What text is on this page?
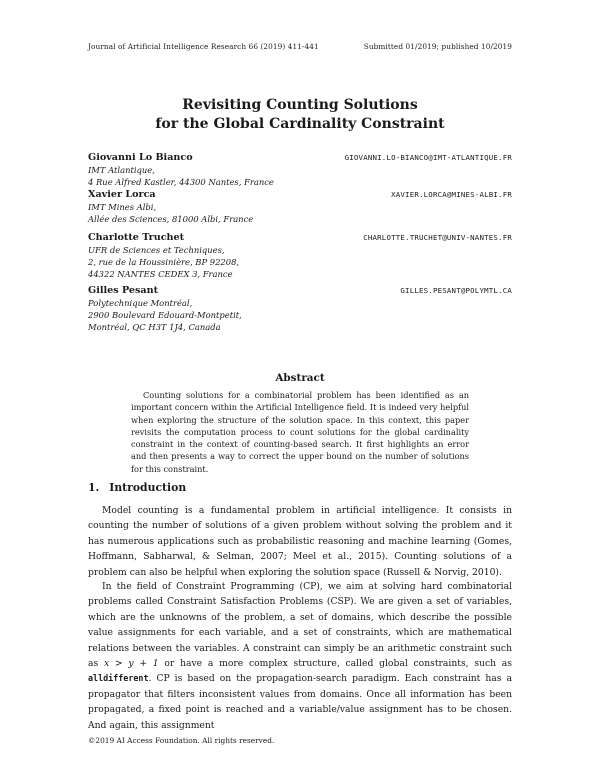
Journal of Artificial Intelligence Research 66 (2019) 411-441	Submitted 01/2019; published 10/2019
Revisiting Counting Solutions
for the Global Cardinality Constraint
Giovanni Lo Bianco	GIOVANNI.LO-BIANCO@IMT-ATLANTIQUE.FR
IMT Atlantique,
4 Rue Alfred Kastler, 44300 Nantes, France
Xavier Lorca	XAVIER.LORCA@MINES-ALBI.FR
IMT Mines Albi,
Allée des Sciences, 81000 Albi, France
Charlotte Truchet	CHARLOTTE.TRUCHET@UNIV-NANTES.FR
UFR de Sciences et Techniques,
2, rue de la Houssinière, BP 92208,
44322 NANTES CEDEX 3, France
Gilles Pesant	GILLES.PESANT@POLYMTL.CA
Polytechnique Montréal,
2900 Boulevard Edouard-Montpetit,
Montréal, QC H3T 1J4, Canada
Abstract
Counting solutions for a combinatorial problem has been identified as an important concern within the Artificial Intelligence field. It is indeed very helpful when exploring the structure of the solution space. In this context, this paper revisits the computation process to count solutions for the global cardinality constraint in the context of counting-based search. It first highlights an error and then presents a way to correct the upper bound on the number of solutions for this constraint.
1. Introduction
Model counting is a fundamental problem in artificial intelligence. It consists in counting the number of solutions of a given problem without solving the problem and it has numerous applications such as probabilistic reasoning and machine learning (Gomes, Hoffmann, Sabharwal, & Selman, 2007; Meel et al., 2015). Counting solutions of a problem can also be helpful when exploring the solution space (Russell & Norvig, 2010).
In the field of Constraint Programming (CP), we aim at solving hard combinatorial problems called Constraint Satisfaction Problems (CSP). We are given a set of variables, which are the unknowns of the problem, a set of domains, which describe the possible value assignments for each variable, and a set of constraints, which are mathematical relations between the variables. A constraint can simply be an arithmetic constraint such as x > y + 1 or have a more complex structure, called global constraints, such as alldifferent. CP is based on the propagation-search paradigm. Each constraint has a propagator that filters inconsistent values from domains. Once all information has been propagated, a fixed point is reached and a variable/value assignment has to be chosen. And again, this assignment
©2019 AI Access Foundation. All rights reserved.
